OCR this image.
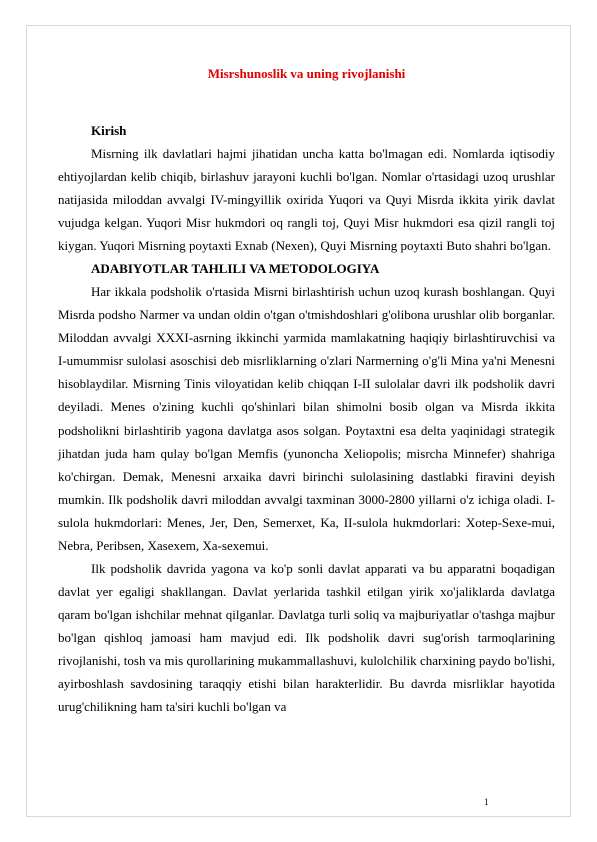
Misrshunoslik va uning rivojlanishi
Kirish

Misrning ilk davlatlari hajmi jihatidan uncha katta bo'lmagan edi. Nomlarda iqtisodiy ehtiyojlardan kelib chiqib, birlashuv jarayoni kuchli bo'lgan. Nomlar o'rtasidagi uzoq urushlar natijasida miloddan avvalgi IV-mingyillik oxirida Yuqori va Quyi Misrda ikkita yirik davlat vujudga kelgan. Yuqori Misr hukmdori oq rangli toj, Quyi Misr hukmdori esa qizil rangli toj kiygan. Yuqori Misrning poytaxti Exnab (Nexen), Quyi Misrning poytaxti Buto shahri bo'lgan.

ADABIYOTLAR TAHLILI VA METODOLOGIYA

Har ikkala podsholik o'rtasida Misrni birlashtirish uchun uzoq kurash boshlangan. Quyi Misrda podsho Narmer va undan oldin o'tgan o'tmishdoshlari g'olibona urushlar olib borganlar. Miloddan avvalgi XXXI-asrning ikkinchi yarmida mamlakatning haqiqiy birlashtiruvchisi va I-umummisr sulolasi asoschisi deb misrliklarning o'zlari Narmerning o'g'li Mina ya'ni Menesni hisoblaydilar. Misrning Tinis viloyatidan kelib chiqqan I-II sulolalar davri ilk podsholik davri deyiladi. Menes o'zining kuchli qo'shinlari bilan shimolni bosib olgan va Misrda ikkita podsholikni birlashtirib yagona davlatga asos solgan. Poytaxtni esa delta yaqinidagi strategik jihatdan juda ham qulay bo'lgan Memfis (yunoncha Xeliopolis; misrcha Minnefer) shahriga ko'chirgan. Demak, Menesni arxaika davri birinchi sulolasining dastlabki firavini deyish mumkin. Ilk podsholik davri miloddan avvalgi taxminan 3000-2800 yillarni o'z ichiga oladi. I-sulola hukmdorlari: Menes, Jer, Den, Semerxet, Ka, II-sulola hukmdorlari: Xotep-Sexe-mui, Nebra, Peribsen, Xasexem, Xa-sexemui.

Ilk podsholik davrida yagona va ko'p sonli davlat apparati va bu apparatni boqadigan davlat yer egaligi shakllangan. Davlat yerlarida tashkil etilgan yirik xo'jaliklarda davlatga qaram bo'lgan ishchilar mehnat qilganlar. Davlatga turli soliq va majburiyatlar o'tashga majbur bo'lgan qishloq jamoasi ham mavjud edi. Ilk podsholik davri sug'orish tarmoqlarining rivojlanishi, tosh va mis qurollarining mukammallashuvi, kulolchilik charxining paydo bo'lishi, ayirboshlash savdosining taraqqiy etishi bilan harakterlidir. Bu davrda misrliklar hayotida urug'chilikning ham ta'siri kuchli bo'lgan va

1
